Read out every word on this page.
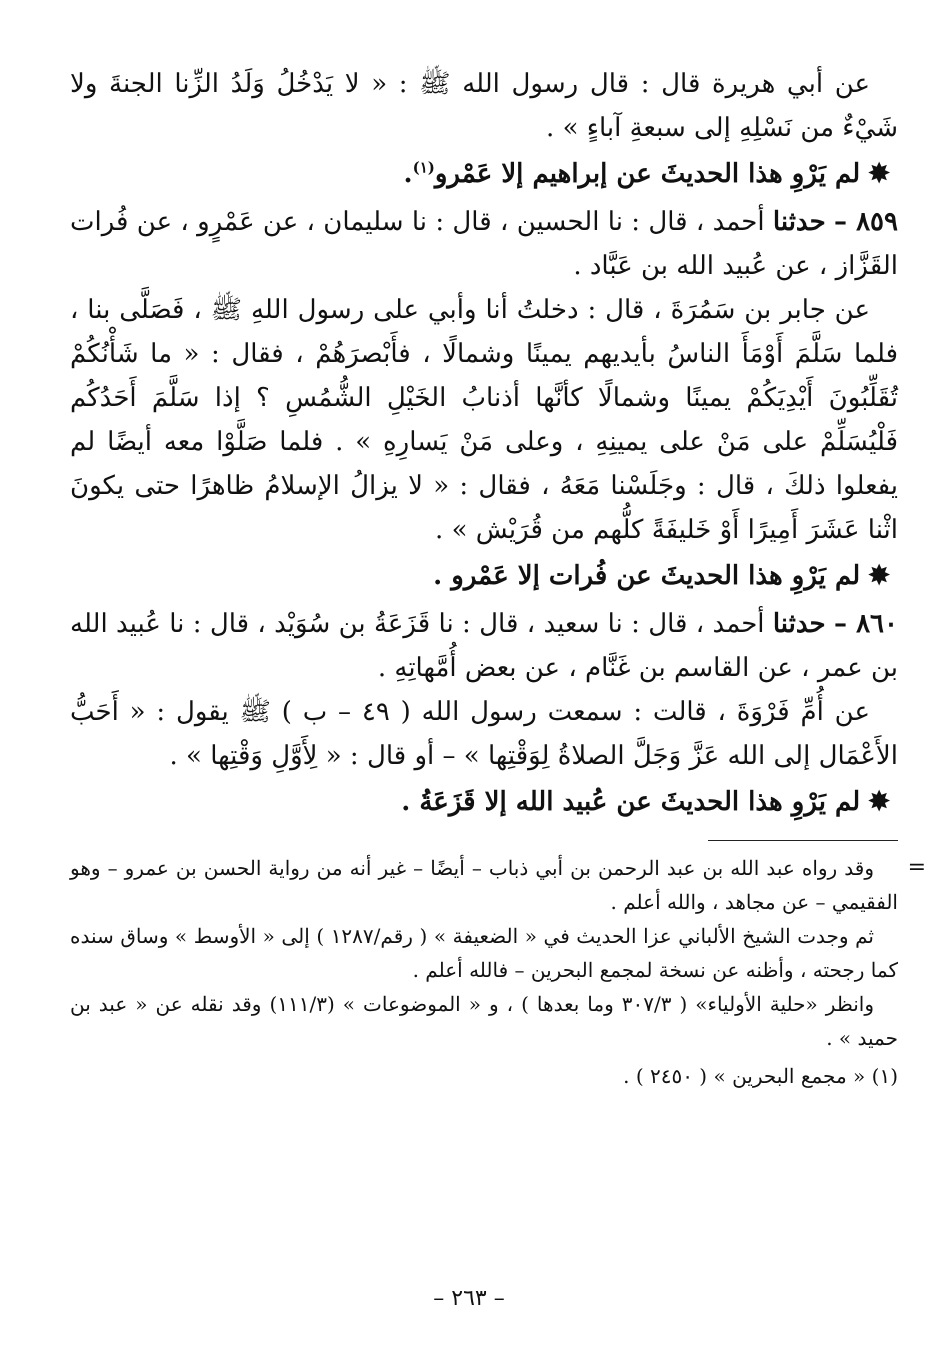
عن أبي هريرة قال : قال رسول الله ﷺ : « لا يَدْخُلُ وَلَدُ الزِّنا الجنةَ ولا شَيْءٌ من نَسْلِهِ إلى سبعةِ آباءٍ » .

✸لم يَرْوِ هذا الحديثَ عن إبراهيم إلا عَمْرو$^{(١)}$.

٨٥٩ – حدثنا أحمد ، قال : نا الحسين ، قال : نا سليمان ، عن عَمْرٍو ، عن فُرات القَزَّاز ، عن عُبيد الله بن عَبَّاد .

عن جابر بن سَمُرَةَ ، قال : دخلتُ أنا وأبي على رسول اللهِ ﷺ ، فَصَلَّى بنا ، فلما سَلَّمَ أَوْمَأَ الناسُ بأيديهم يمينًا وشمالًا ، فأَبْصرَهُمْ ، فقال : « ما شَأْنُكُمْ تُقَلِّبُونَ أَيْدِيَكُمْ يمينًا وشمالًا كأنَّها أذنابُ الخَيْلِ الشُّمُسِ ؟ إذا سَلَّمَ أَحَدُكُم فَلْيُسَلِّمْ على مَنْ على يمينِهِ ، وعلى مَنْ يَسارِهِ » . فلما صَلَّوْا معه أيضًا لم يفعلوا ذلكَ ، قال : وجَلَسْنا مَعَهُ ، فقال : « لا يزالُ الإسلامُ ظاهرًا حتى يكونَ اثْنا عَشَرَ أَمِيرًا أَوْ خَليفَةً كلُّهم من قُرَيْش » .

✸لم يَرْوِ هذا الحديثَ عن فُرات إلا عَمْرو .

٨٦٠ – حدثنا أحمد ، قال : نا سعيد ، قال : نا قَزَعَةُ بن سُوَيْد ، قال : نا عُبيد الله بن عمر ، عن القاسم بن غَنَّام ، عن بعض أُمَّهاتِهِ .

عن أُمِّ فَرْوَةَ ، قالت : سمعت رسول الله ( ٤٩ – ب ) ﷺ يقول : « أَحَبُّ الأَعْمَال إلى الله عَزَّ وَجَلَّ الصلاةُ لِوَقْتِها » – أو قال : « لِأَوَّلِ وَقْتِها » .

✸لم يَرْوِ هذا الحديثَ عن عُبيد الله إلا قَزَعَةُ .

=

وقد رواه عبد الله بن عبد الرحمن بن أبي ذباب – أيضًا – غير أنه من رواية الحسن بن عمرو – وهو الفقيمي – عن مجاهد ، والله أعلم .

ثم وجدت الشيخ الألباني عزا الحديث في « الضعيفة » ( رقم/١٢٨٧ ) إلى « الأوسط » وساق سنده كما رجحته ، وأظنه عن نسخة لمجمع البحرين – فالله أعلم .

وانظر «حلية الأولياء» ( ٣٠٧/٣ وما بعدها ) ، و « الموضوعات » (١١١/٣) وقد نقله عن « عبد بن حميد » .

(١) « مجمع البحرين » ( ٢٤٥٠ ) .

– ٢٦٣ –
